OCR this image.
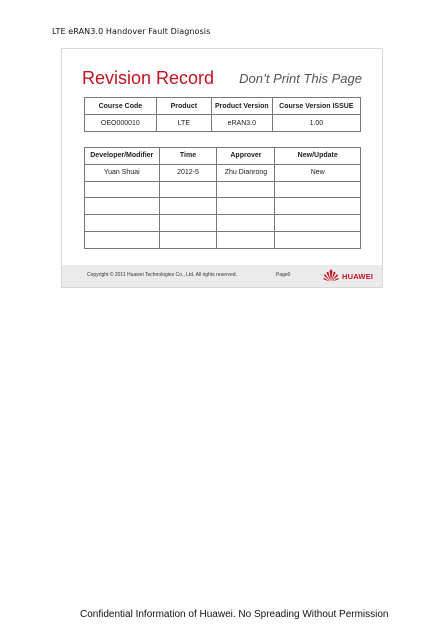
LTE eRAN3.0 Handover Fault Diagnosis
Revision Record Don’t Print This Page
Course Code	Product	Product Version	Course Version ISSUE
OEO000010	LTE	eRAN3.0	1.00
Developer/Modifier	Time	Approver	New/Update
Yuan Shuai	2012-5	Zhu Dianrong	New

Copyright © 2011 Huawei Technologies Co., Ltd. All rights reserved.	Page0	HUAWEI
Confidential Information of Huawei. No Spreading Without Permission
